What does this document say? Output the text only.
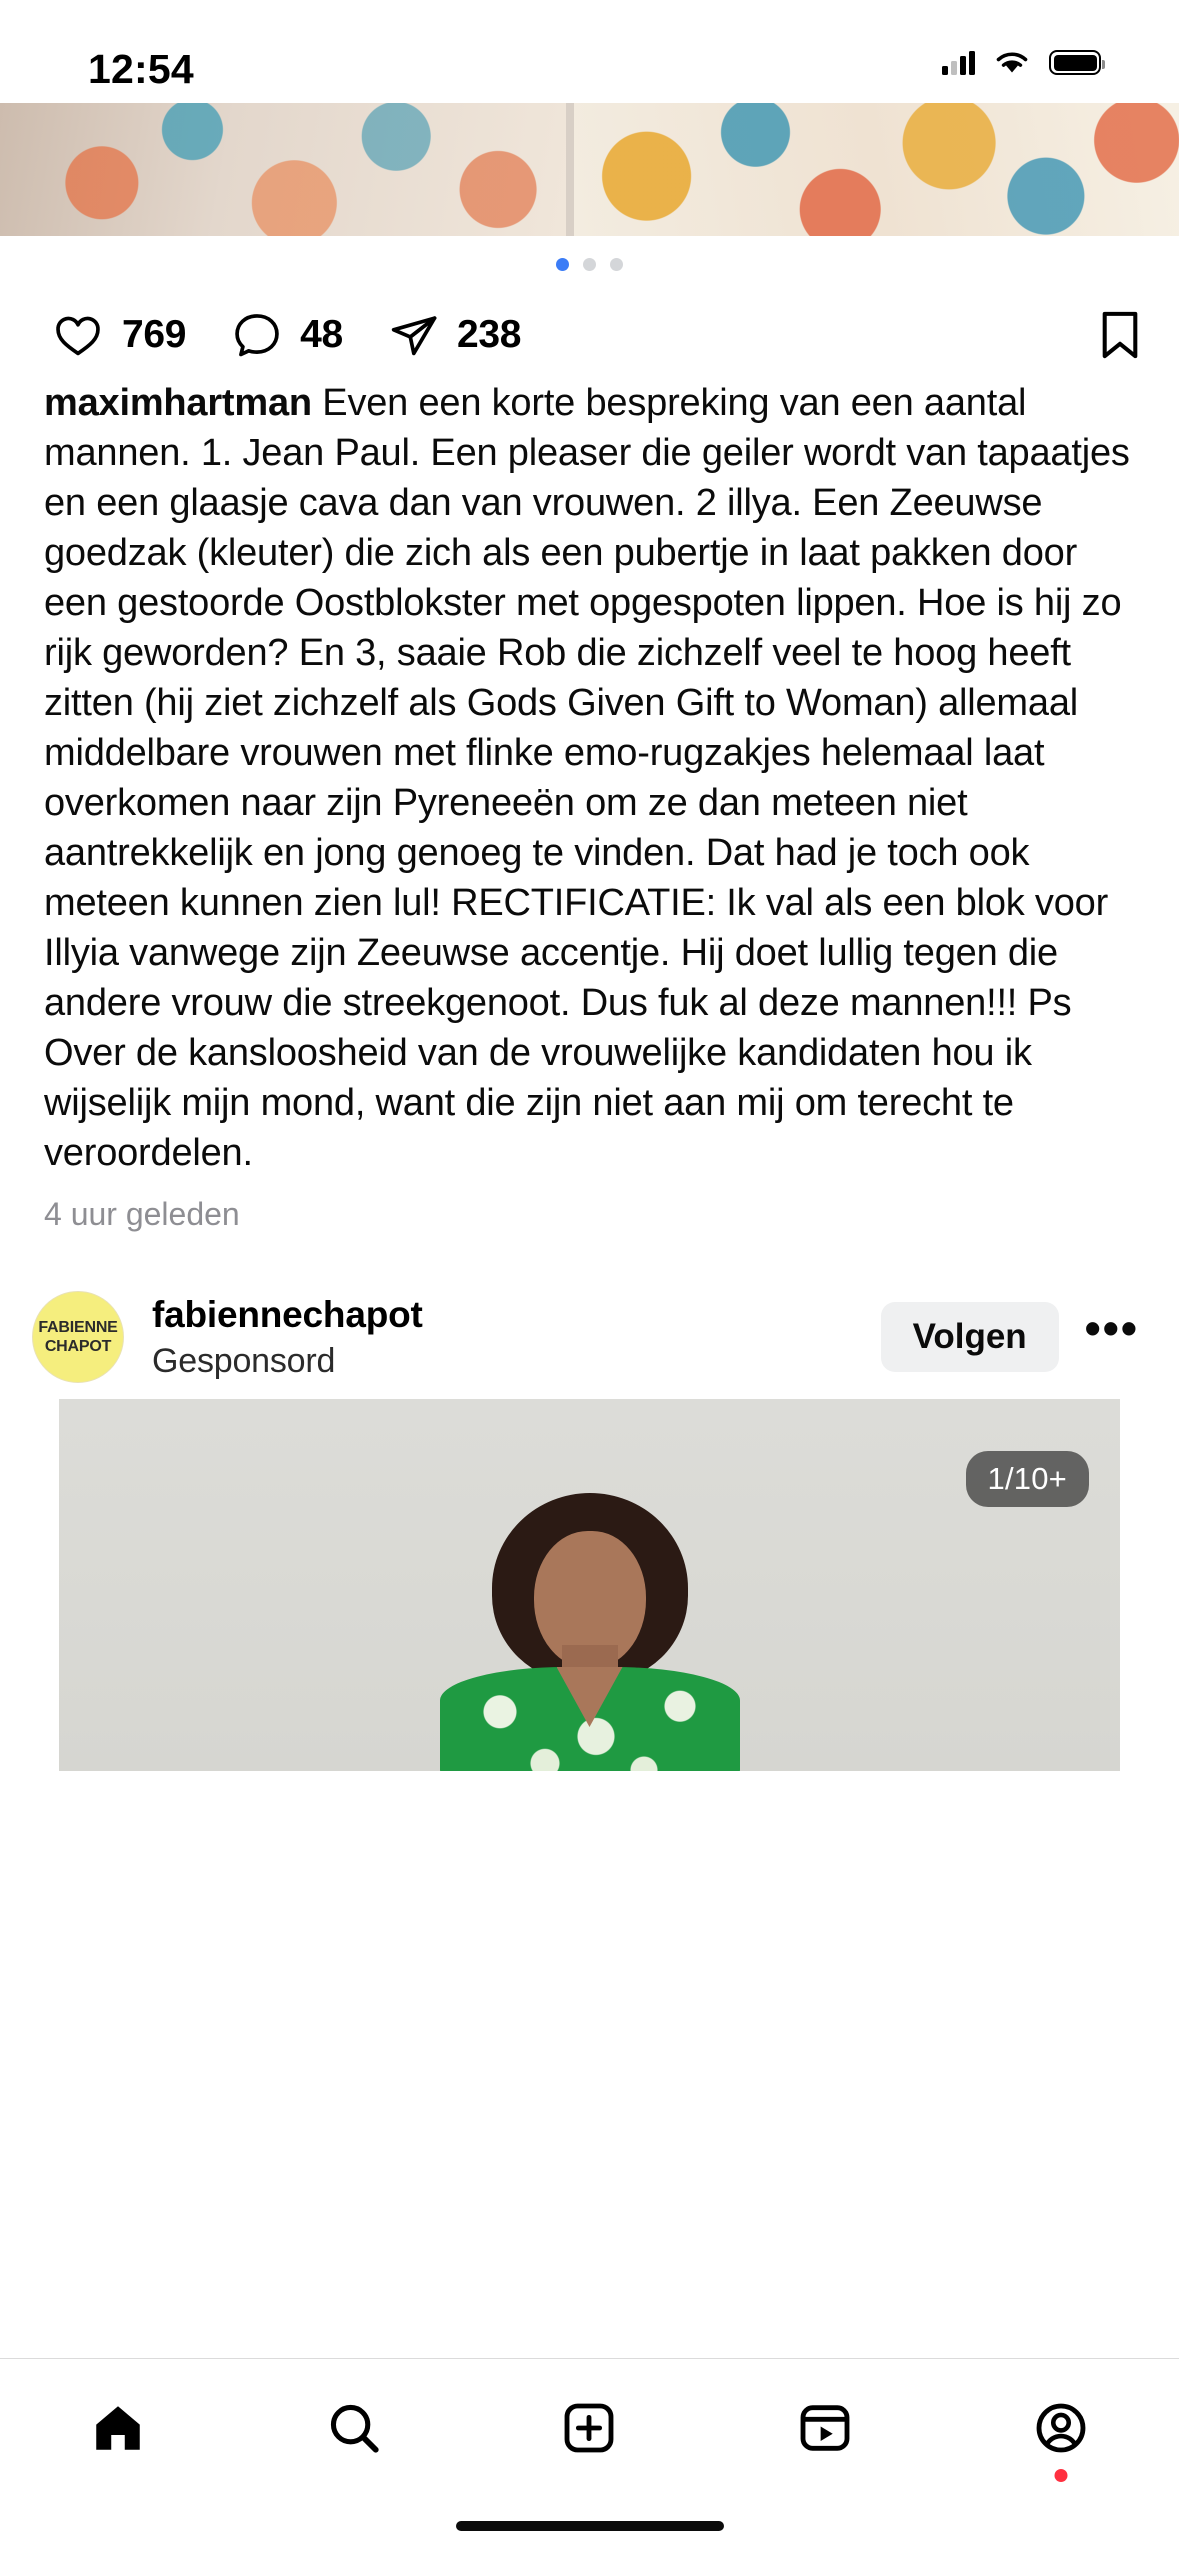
12:54
769	48	238
maximhartman Even een korte bespreking van een aantal mannen. 1. Jean Paul. Een pleaser die geiler wordt van tapaatjes en een glaasje cava dan van vrouwen. 2 illya. Een Zeeuwse goedzak (kleuter) die zich als een pubertje in laat pakken door een gestoorde Oostblokster met opgespoten lippen. Hoe is hij zo rijk geworden? En 3, saaie Rob die zichzelf veel te hoog heeft zitten (hij ziet zichzelf als Gods Given Gift to Woman) allemaal middelbare vrouwen met flinke emo-rugzakjes helemaal laat overkomen naar zijn Pyreneeën om ze dan meteen niet aantrekkelijk en jong genoeg te vinden. Dat had je toch ook meteen kunnen zien lul! RECTIFICATIE: Ik val als een blok voor Illyia vanwege zijn Zeeuwse accentje. Hij doet lullig tegen die andere vrouw die streekgenoot. Dus fuk al deze mannen!!! Ps Over de kansloosheid van de vrouwelijke kandidaten hou ik wijselijk mijn mond, want die zijn niet aan mij om terecht te veroordelen.
4 uur geleden
FABIENNE
CHAPOT
fabiennechapot
Gesponsord
Volgen	•••
1/10+
